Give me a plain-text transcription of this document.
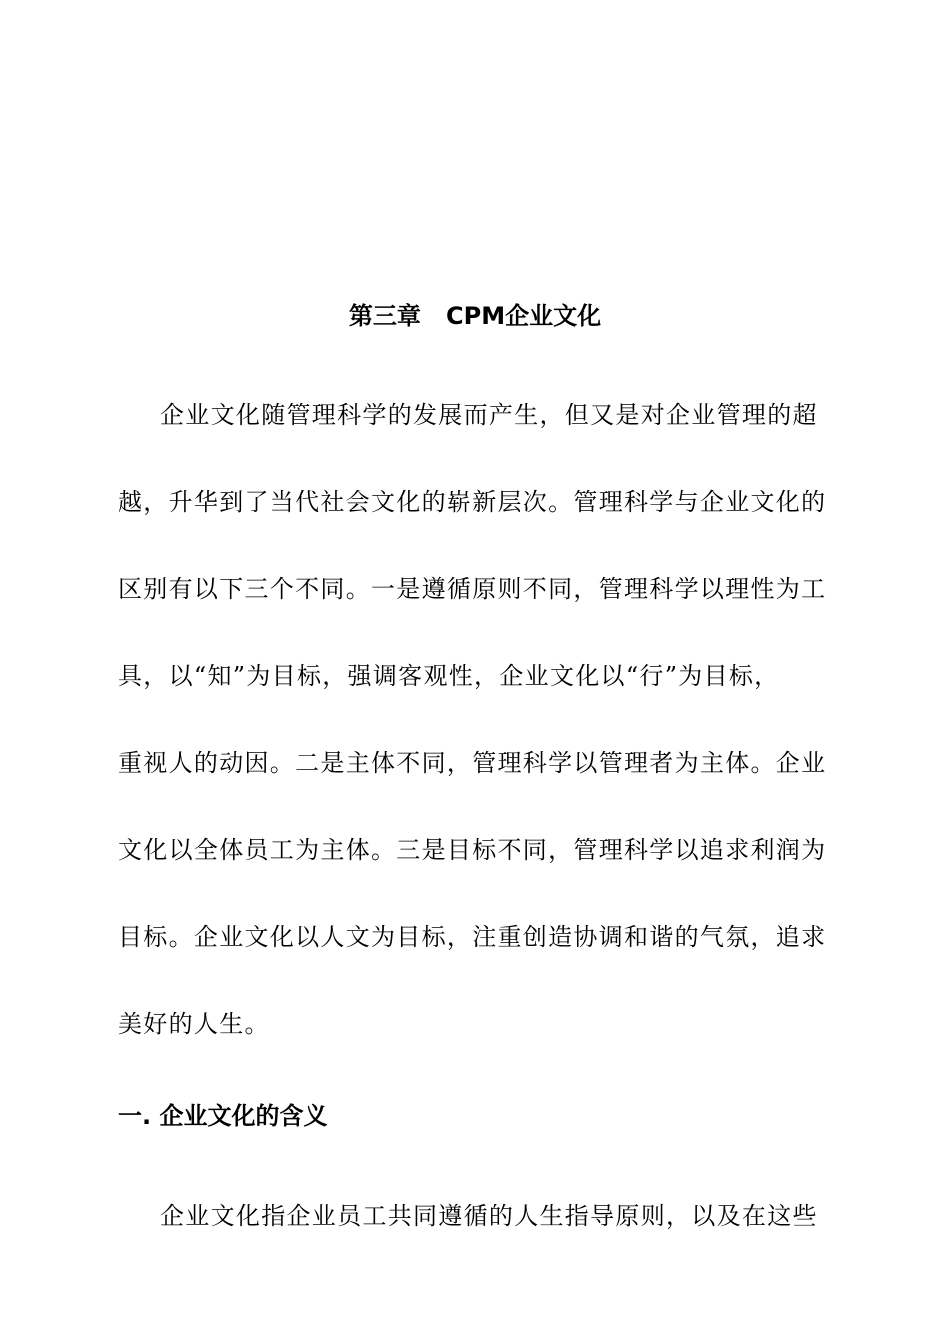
第三章   CPM企业文化

企业文化随管理科学的发展而产生，但又是对企业管理的超

越，升华到了当代社会文化的崭新层次。管理科学与企业文化的

区别有以下三个不同。一是遵循原则不同，管理科学以理性为工

具，以“知”为目标，强调客观性，企业文化以“行”为目标，

重视人的动因。二是主体不同，管理科学以管理者为主体。企业

文化以全体员工为主体。三是目标不同，管理科学以追求利润为

目标。企业文化以人文为目标，注重创造协调和谐的气氛，追求

美好的人生。

一. 企业文化的含义

企业文化指企业员工共同遵循的人生指导原则，以及在这些
